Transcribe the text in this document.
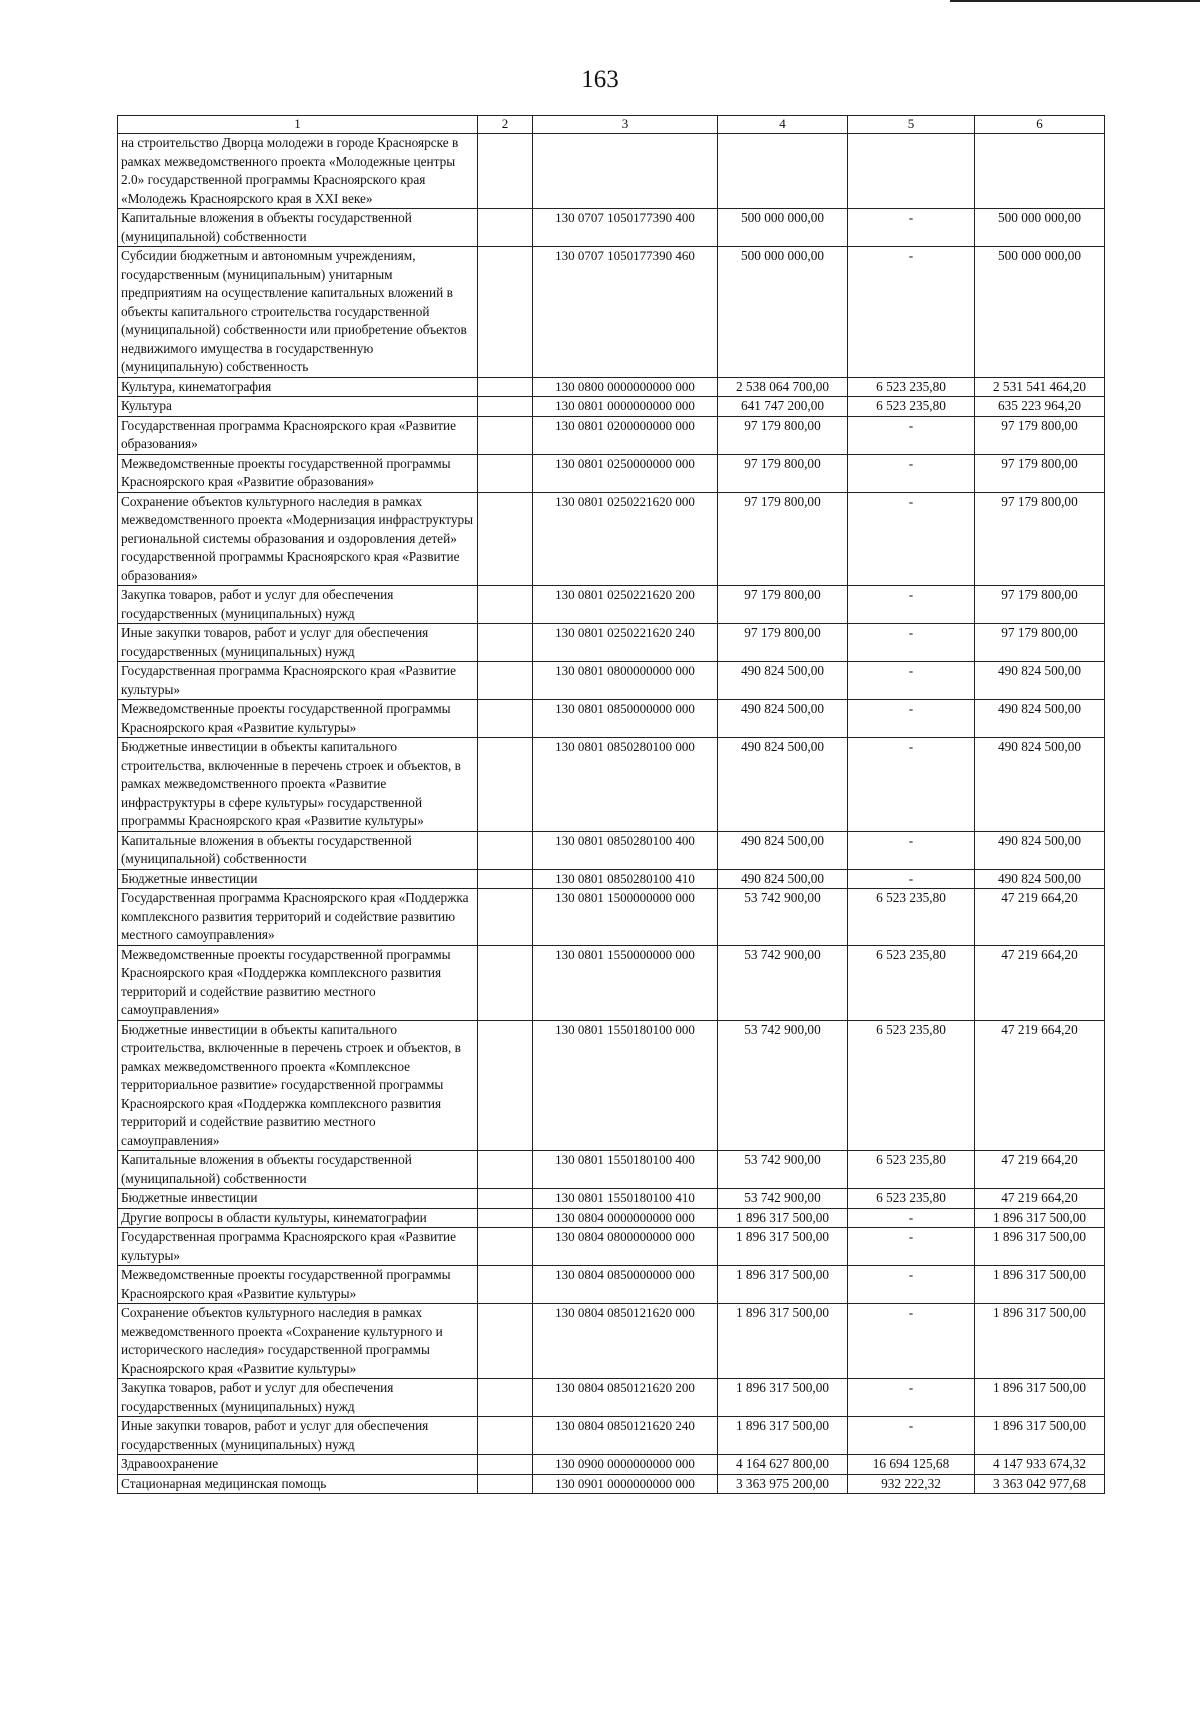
163
1	2	3	4	5	6
на строительство Дворца молодежи в городе Красноярске в рамках межведомственного проекта «Молодежные центры 2.0» государственной программы Красноярского края «Молодежь Красноярского края в XXI веке»					
Капитальные вложения в объекты государственной (муниципальной) собственности		130 0707 1050177390 400	500 000 000,00	-	500 000 000,00
Субсидии бюджетным и автономным учреждениям, государственным (муниципальным) унитарным предприятиям на осуществление капитальных вложений в объекты капитального строительства государственной (муниципальной) собственности или приобретение объектов недвижимого имущества в государственную (муниципальную) собственность		130 0707 1050177390 460	500 000 000,00	-	500 000 000,00
Культура, кинематография		130 0800 0000000000 000	2 538 064 700,00	6 523 235,80	2 531 541 464,20
Культура		130 0801 0000000000 000	641 747 200,00	6 523 235,80	635 223 964,20
Государственная программа Красноярского края «Развитие образования»		130 0801 0200000000 000	97 179 800,00	-	97 179 800,00
Межведомственные проекты государственной программы Красноярского края «Развитие образования»		130 0801 0250000000 000	97 179 800,00	-	97 179 800,00
Сохранение объектов культурного наследия в рамках межведомственного проекта «Модернизация инфраструктуры региональной системы образования и оздоровления детей» государственной программы Красноярского края «Развитие образования»		130 0801 0250221620 000	97 179 800,00	-	97 179 800,00
Закупка товаров, работ и услуг для обеспечения государственных (муниципальных) нужд		130 0801 0250221620 200	97 179 800,00	-	97 179 800,00
Иные закупки товаров, работ и услуг для обеспечения государственных (муниципальных) нужд		130 0801 0250221620 240	97 179 800,00	-	97 179 800,00
Государственная программа Красноярского края «Развитие культуры»		130 0801 0800000000 000	490 824 500,00	-	490 824 500,00
Межведомственные проекты государственной программы Красноярского края «Развитие культуры»		130 0801 0850000000 000	490 824 500,00	-	490 824 500,00
Бюджетные инвестиции в объекты капитального строительства, включенные в перечень строек и объектов, в рамках межведомственного проекта «Развитие инфраструктуры в сфере культуры» государственной программы Красноярского края «Развитие культуры»		130 0801 0850280100 000	490 824 500,00	-	490 824 500,00
Капитальные вложения в объекты государственной (муниципальной) собственности		130 0801 0850280100 400	490 824 500,00	-	490 824 500,00
Бюджетные инвестиции		130 0801 0850280100 410	490 824 500,00	-	490 824 500,00
Государственная программа Красноярского края «Поддержка комплексного развития территорий и содействие развитию местного самоуправления»		130 0801 1500000000 000	53 742 900,00	6 523 235,80	47 219 664,20
Межведомственные проекты государственной программы Красноярского края «Поддержка комплексного развития территорий и содействие развитию местного самоуправления»		130 0801 1550000000 000	53 742 900,00	6 523 235,80	47 219 664,20
Бюджетные инвестиции в объекты капитального строительства, включенные в перечень строек и объектов, в рамках межведомственного проекта «Комплексное территориальное развитие» государственной программы Красноярского края «Поддержка комплексного развития территорий и содействие развитию местного самоуправления»		130 0801 1550180100 000	53 742 900,00	6 523 235,80	47 219 664,20
Капитальные вложения в объекты государственной (муниципальной) собственности		130 0801 1550180100 400	53 742 900,00	6 523 235,80	47 219 664,20
Бюджетные инвестиции		130 0801 1550180100 410	53 742 900,00	6 523 235,80	47 219 664,20
Другие вопросы в области культуры, кинематографии		130 0804 0000000000 000	1 896 317 500,00	-	1 896 317 500,00
Государственная программа Красноярского края «Развитие культуры»		130 0804 0800000000 000	1 896 317 500,00	-	1 896 317 500,00
Межведомственные проекты государственной программы Красноярского края «Развитие культуры»		130 0804 0850000000 000	1 896 317 500,00	-	1 896 317 500,00
Сохранение объектов культурного наследия в рамках межведомственного проекта «Сохранение культурного и исторического наследия» государственной программы Красноярского края «Развитие культуры»		130 0804 0850121620 000	1 896 317 500,00	-	1 896 317 500,00
Закупка товаров, работ и услуг для обеспечения государственных (муниципальных) нужд		130 0804 0850121620 200	1 896 317 500,00	-	1 896 317 500,00
Иные закупки товаров, работ и услуг для обеспечения государственных (муниципальных) нужд		130 0804 0850121620 240	1 896 317 500,00	-	1 896 317 500,00
Здравоохранение		130 0900 0000000000 000	4 164 627 800,00	16 694 125,68	4 147 933 674,32
Стационарная медицинская помощь		130 0901 0000000000 000	3 363 975 200,00	932 222,32	3 363 042 977,68
